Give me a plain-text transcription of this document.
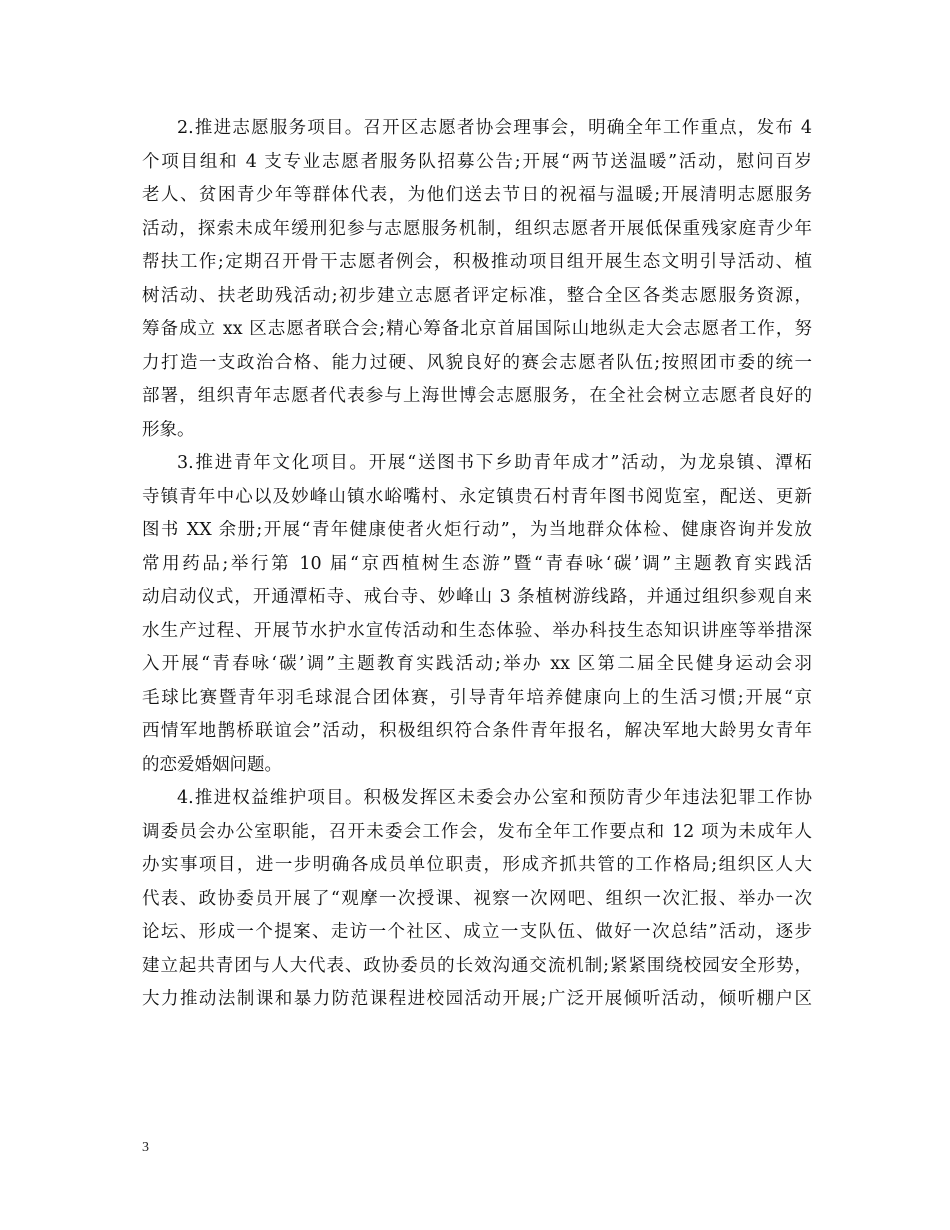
2.推进志愿服务项目。召开区志愿者协会理事会，明确全年工作重点，发布 4
个项目组和 4 支专业志愿者服务队招募公告;开展“两节送温暖”活动，慰问百岁
老人、贫困青少年等群体代表，为他们送去节日的祝福与温暖;开展清明志愿服务
活动，探索未成年缓刑犯参与志愿服务机制，组织志愿者开展低保重残家庭青少年
帮扶工作;定期召开骨干志愿者例会，积极推动项目组开展生态文明引导活动、植
树活动、扶老助残活动;初步建立志愿者评定标准，整合全区各类志愿服务资源，
筹备成立 xx 区志愿者联合会;精心筹备北京首届国际山地纵走大会志愿者工作，努
力打造一支政治合格、能力过硬、风貌良好的赛会志愿者队伍;按照团市委的统一
部署，组织青年志愿者代表参与上海世博会志愿服务，在全社会树立志愿者良好的
形象。
3.推进青年文化项目。开展“送图书下乡助青年成才”活动，为龙泉镇、潭柘
寺镇青年中心以及妙峰山镇水峪嘴村、永定镇贵石村青年图书阅览室，配送、更新
图书 XX 余册;开展“青年健康使者火炬行动”，为当地群众体检、健康咨询并发放
常用药品;举行第 10 届“京西植树生态游”暨“青春咏‘碳’调”主题教育实践活
动启动仪式，开通潭柘寺、戒台寺、妙峰山 3 条植树游线路，并通过组织参观自来
水生产过程、开展节水护水宣传活动和生态体验、举办科技生态知识讲座等举措深
入开展“青春咏‘碳’调”主题教育实践活动;举办 xx 区第二届全民健身运动会羽
毛球比赛暨青年羽毛球混合团体赛，引导青年培养健康向上的生活习惯;开展“京
西情军地鹊桥联谊会”活动，积极组织符合条件青年报名，解决军地大龄男女青年
的恋爱婚姻问题。
4.推进权益维护项目。积极发挥区未委会办公室和预防青少年违法犯罪工作协
调委员会办公室职能，召开未委会工作会，发布全年工作要点和 12 项为未成年人
办实事项目，进一步明确各成员单位职责，形成齐抓共管的工作格局;组织区人大
代表、政协委员开展了“观摩一次授课、视察一次网吧、组织一次汇报、举办一次
论坛、形成一个提案、走访一个社区、成立一支队伍、做好一次总结”活动，逐步
建立起共青团与人大代表、政协委员的长效沟通交流机制;紧紧围绕校园安全形势，
大力推动法制课和暴力防范课程进校园活动开展;广泛开展倾听活动，倾听棚户区
3
